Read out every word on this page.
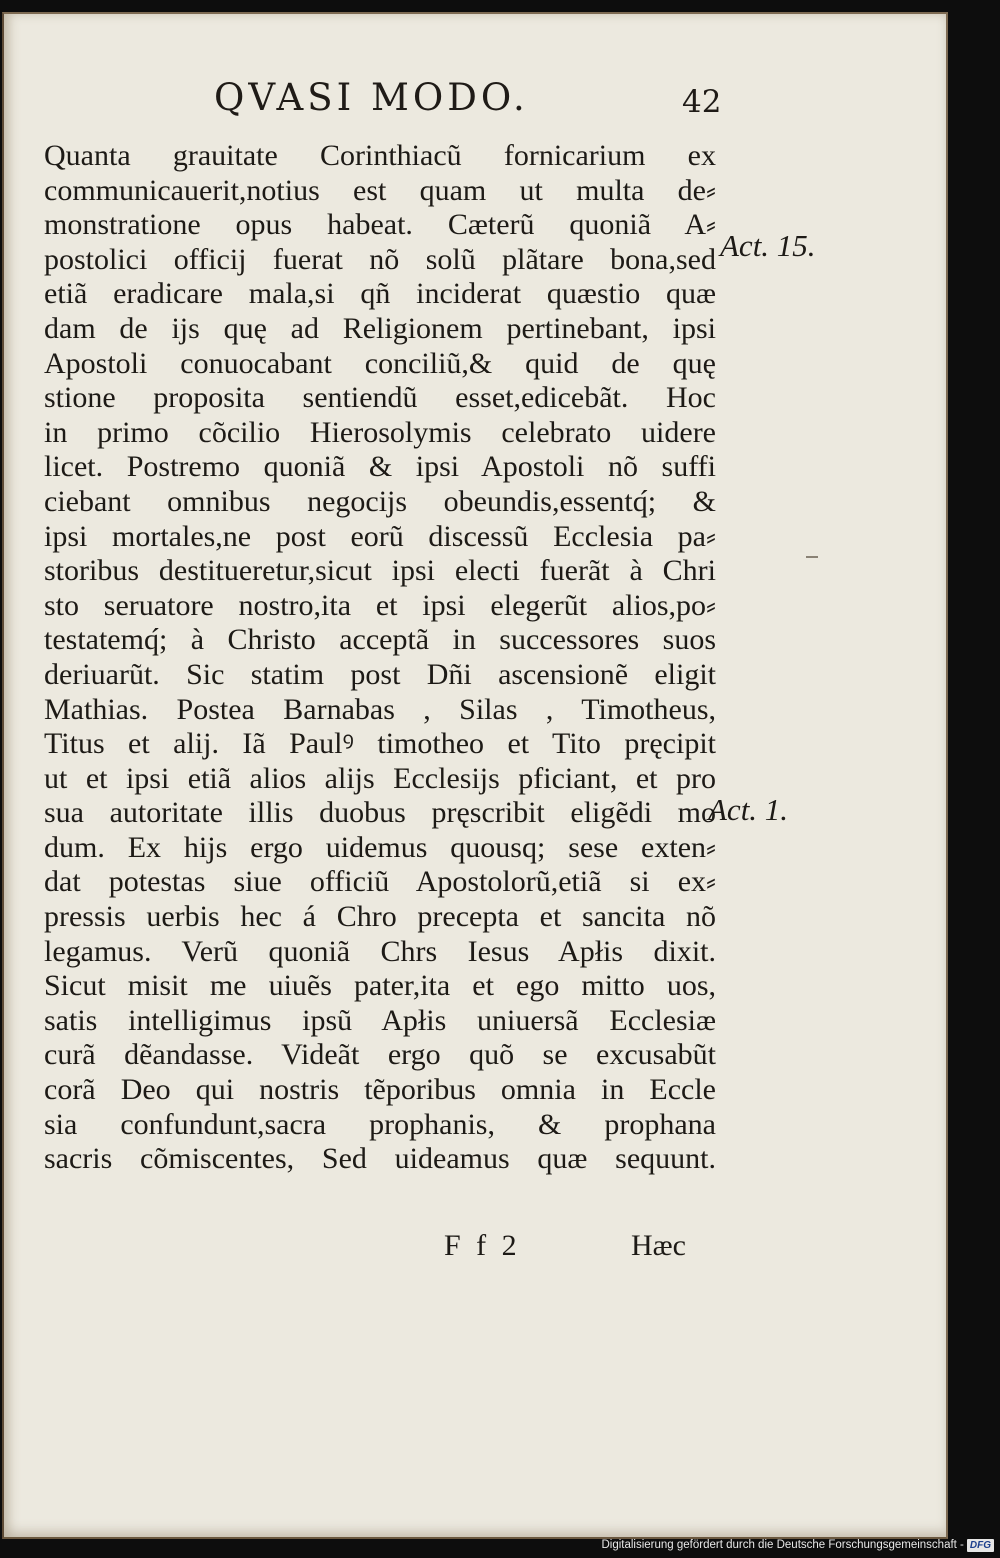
QVASI MODO.	42
Quanta grauitate Corinthiacũ fornicarium ex
communicauerit,notius est quam ut multa de⸗
monstratione opus habeat. Cæterũ quoniã A⸗
postolici officij fuerat nõ solũ plãtare bona,sed
etiã eradicare mala,si qñ inciderat quæstio quæ
dam de ijs quę ad Religionem pertinebant, ipsi
Apostoli conuocabant conciliũ,& quid de quę
stione proposita sentiendũ esset,edicebãt. Hoc
in primo cõcilio Hierosolymis celebrato uidere
licet. Postremo quoniã & ipsi Apostoli nõ suffi
ciebant omnibus negocijs obeundis,essentq́; &
ipsi mortales,ne post eorũ discessũ Ecclesia pa⸗
storibus destitueretur,sicut ipsi electi fuerãt à Chri
sto seruatore nostro,ita et ipsi elegerũt alios,po⸗
testatemq́; à Christo acceptã in successores suos
deriuarũt. Sic statim post Dñi ascensionẽ eligit
Mathias. Postea Barnabas , Silas , Timotheus,
Titus et alij. Iã Paulꝰ timotheo et Tito pręcipit
ut et ipsi etiã alios alijs Ecclesijs pficiant, et pro
sua autoritate illis duobus pręscribit eligẽdi mo
dum. Ex hijs ergo uidemus quousq; sese exten⸗
dat potestas siue officiũ Apostolorũ,etiã si ex⸗
pressis uerbis hec á Chro precepta et sancita nõ
legamus. Verũ quoniã Chrs Iesus Apłis dixit.
Sicut misit me uiuẽs pater,ita et ego mitto uos,
satis intelligimus ipsũ Apłis uniuersã Ecclesiæ
curã dẽandasse. Videãt ergo quõ se excusabũt
corã Deo qui nostris tẽporibus omnia in Eccle
sia confundunt,sacra prophanis, & prophana
sacris cõmiscentes, Sed uideamus quæ sequunt.
Act. 15.
Act. 1.
F f 2	Hæc
Digitalisierung gefördert durch die Deutsche Forschungsgemeinschaft - DFG
